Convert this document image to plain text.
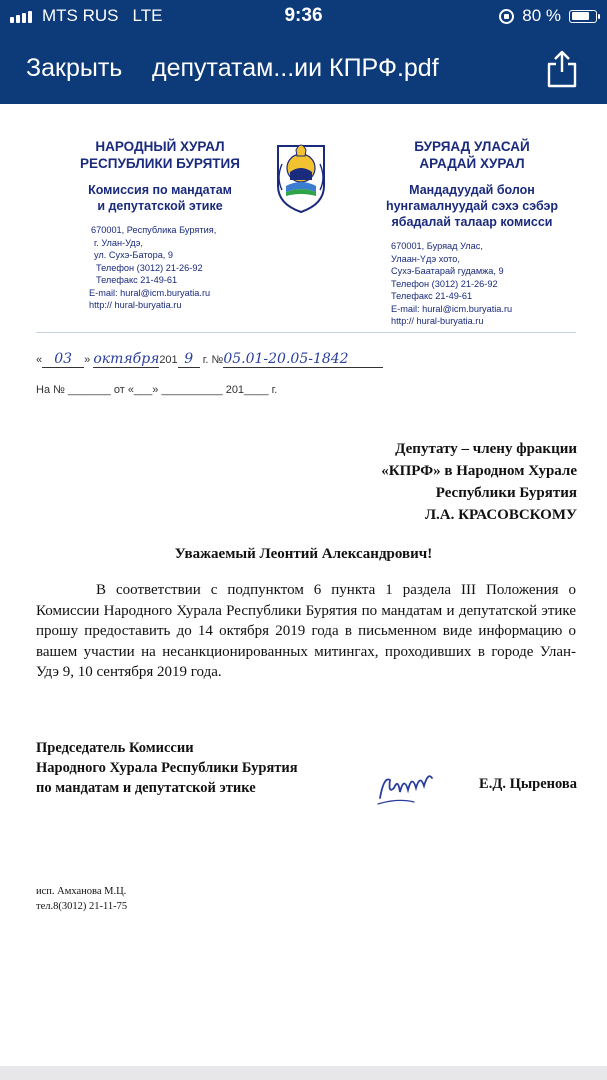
MTS RUS LTE	9:36	80 %
Закрыть депутатам...ии КПРФ.pdf
НАРОДНЫЙ ХУРАЛ
РЕСПУБЛИКИ БУРЯТИЯ
Комиссия по мандатам
и депутатской этике
670001, Республика Бурятия,
г. Улан-Удэ,
ул. Сухэ-Батора, 9
Телефон (3012) 21-26-92
Телефакс 21-49-61
E-mail: hural@icm.buryatia.ru
http:// hural-buryatia.ru
БУРЯАД УЛАСАЙ
АРАДАЙ ХУРАЛ
Мандадуудай болон
һунгамалнуудай сэхэ сэбэр
ябадалай талаар комисси
670001, Буряад Улас,
Улаан-Yдэ хото,
Сухэ-Баатарай гудамжа, 9
Телефон (3012) 21-26-92
Телефакс 21-49-61
E-mail: hural@icm.buryatia.ru
http:// hural-buryatia.ru
« 03 » октября201 9 г. №05.01-20.05-1842
На № _______ от «___» __________ 201____ г.
Депутату – члену фракции
«КПРФ» в Народном Хурале
Республики Бурятия
Л.А. КРАСОВСКОМУ
Уважаемый Леонтий Александрович!

В соответствии с подпунктом 6 пункта 1 раздела III Положения о Комиссии Народного Хурала Республики Бурятия по мандатам и депутатской этике прошу предоставить до 14 октября 2019 года в письменном виде информацию о вашем участии на несанкционированных митингах, проходивших в городе Улан-Удэ 9, 10 сентября 2019 года.

Председатель Комиссии
Народного Хурала Республики Бурятия
по мандатам и депутатской этике	Е.Д. Цыренова
исп. Амханова М.Ц.
тел.8(3012) 21-11-75
